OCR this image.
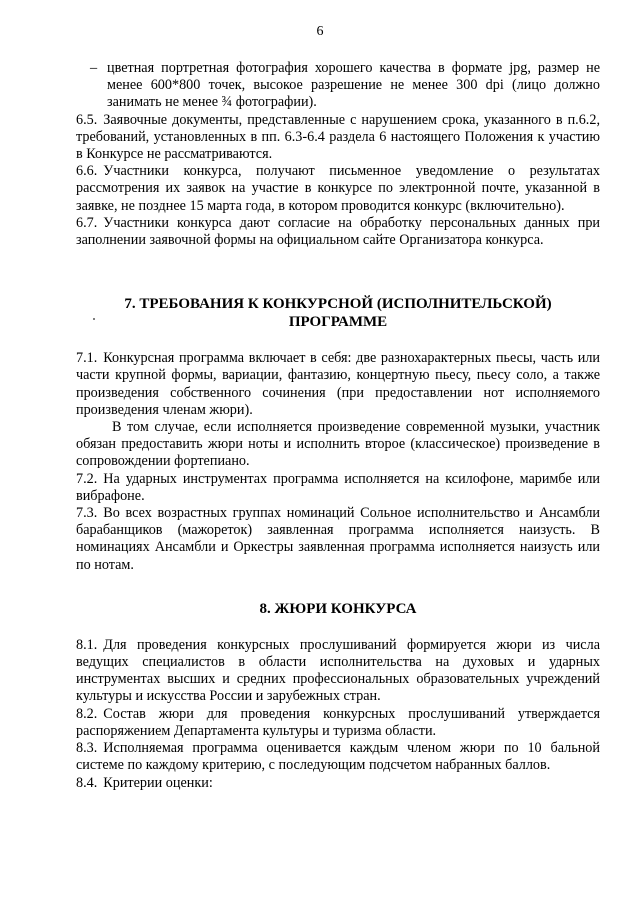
6
– цветная портретная фотография хорошего качества в формате jpg, размер не менее 600*800 точек, высокое разрешение не менее 300 dpi (лицо должно занимать не менее ¾ фотографии).

6.5. Заявочные документы, представленные с нарушением срока, указанного в п.6.2, требований, установленных в пп. 6.3-6.4 раздела 6 настоящего Положения к участию в Конкурсе не рассматриваются.

6.6. Участники конкурса, получают письменное уведомление о результатах рассмотрения их заявок на участие в конкурсе по электронной почте, указанной в заявке, не позднее 15 марта года, в котором проводится конкурс (включительно).

6.7. Участники конкурса дают согласие на обработку персональных данных при заполнении заявочной формы на официальном сайте Организатора конкурса.

7. ТРЕБОВАНИЯ К КОНКУРСНОЙ (ИСПОЛНИТЕЛЬСКОЙ)
ПРОГРАММЕ

7.1. Конкурсная программа включает в себя: две разнохарактерных пьесы, часть или части крупной формы, вариации, фантазию, концертную пьесу, пьесу соло, а также произведения собственного сочинения (при предоставлении нот исполняемого произведения членам жюри).

В том случае, если исполняется произведение современной музыки, участник обязан предоставить жюри ноты и исполнить второе (классическое) произведение в сопровождении фортепиано.

7.2. На ударных инструментах программа исполняется на ксилофоне, маримбе или вибрафоне.

7.3. Во всех возрастных группах номинаций Сольное исполнительство и Ансамбли барабанщиков (мажореток) заявленная программа исполняется наизусть. В номинациях Ансамбли и Оркестры заявленная программа исполняется наизусть или по нотам.

8. ЖЮРИ КОНКУРСА

8.1. Для проведения конкурсных прослушиваний формируется жюри из числа ведущих специалистов в области исполнительства на духовых и ударных инструментах высших и средних профессиональных образовательных учреждений культуры и искусства России и зарубежных стран.

8.2. Состав жюри для проведения конкурсных прослушиваний утверждается распоряжением Департамента культуры и туризма области.

8.3. Исполняемая программа оценивается каждым членом жюри по 10 бальной системе по каждому критерию, с последующим подсчетом набранных баллов.

8.4. Критерии оценки:
